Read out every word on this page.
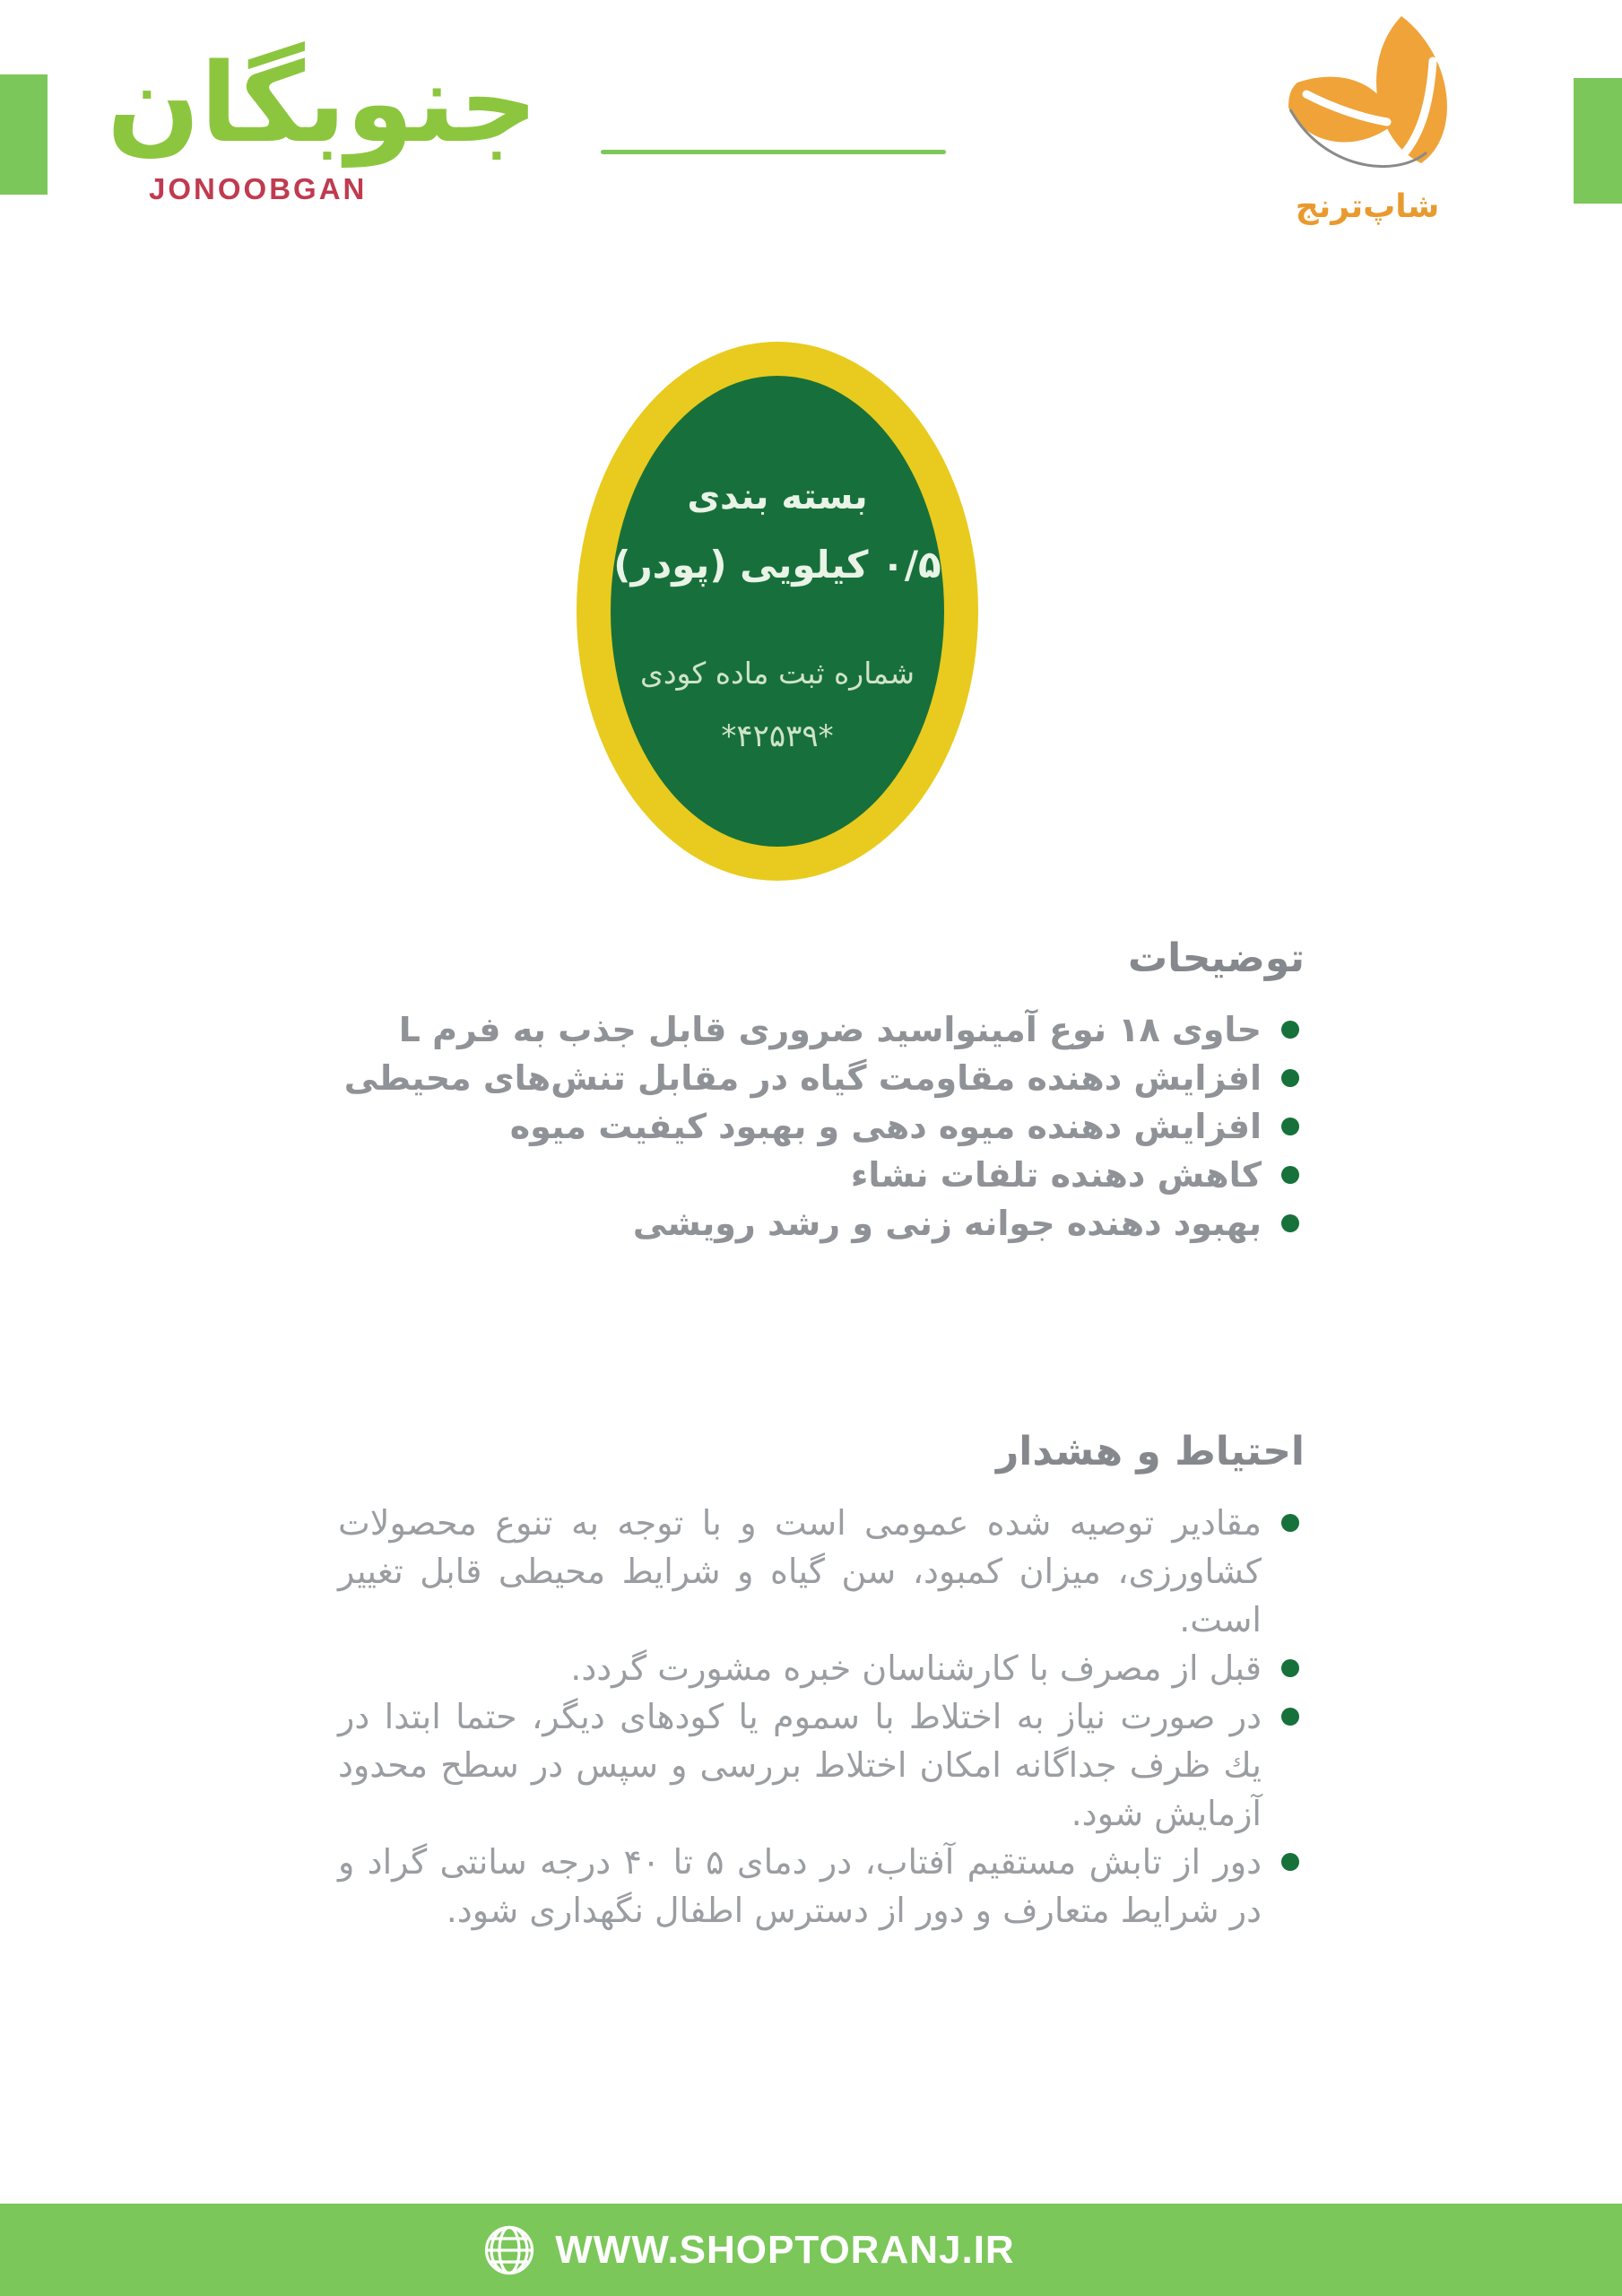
جنوبگان
JONOOBGAN	شاپ‌ترنج
بسته بندی
۰/۵ کیلویی (پودر)
شماره ثبت ماده کودی
*۴۲۵۳۹*
توضیحات
حاوی ۱۸ نوع آمینواسید ضروری قابل جذب به فرم L
افزایش دهنده مقاومت گیاه در مقابل تنش‌های محیطی
افزایش دهنده میوه دهی و بهبود کیفیت میوه
کاهش دهنده تلفات نشاء
بهبود دهنده جوانه زنی و رشد رویشی
احتیاط و هشدار
مقادیر توصیه شده عمومی است و با توجه به تنوع محصولات کشاورزی، میزان کمبود، سن گیاه و شرایط محیطی قابل تغییر است.
قبل از مصرف با کارشناسان خبره مشورت گردد.
در صورت نیاز به اختلاط با سموم یا کودهای دیگر، حتما ابتدا در یك ظرف جداگانه امکان اختلاط بررسی و سپس در سطح محدود آزمایش شود.
دور از تابش مستقیم آفتاب، در دمای ۵ تا ۴۰ درجه سانتی گراد و در شرایط متعارف و دور از دسترس اطفال نگهداری شود.
WWW.SHOPTORANJ.IR
